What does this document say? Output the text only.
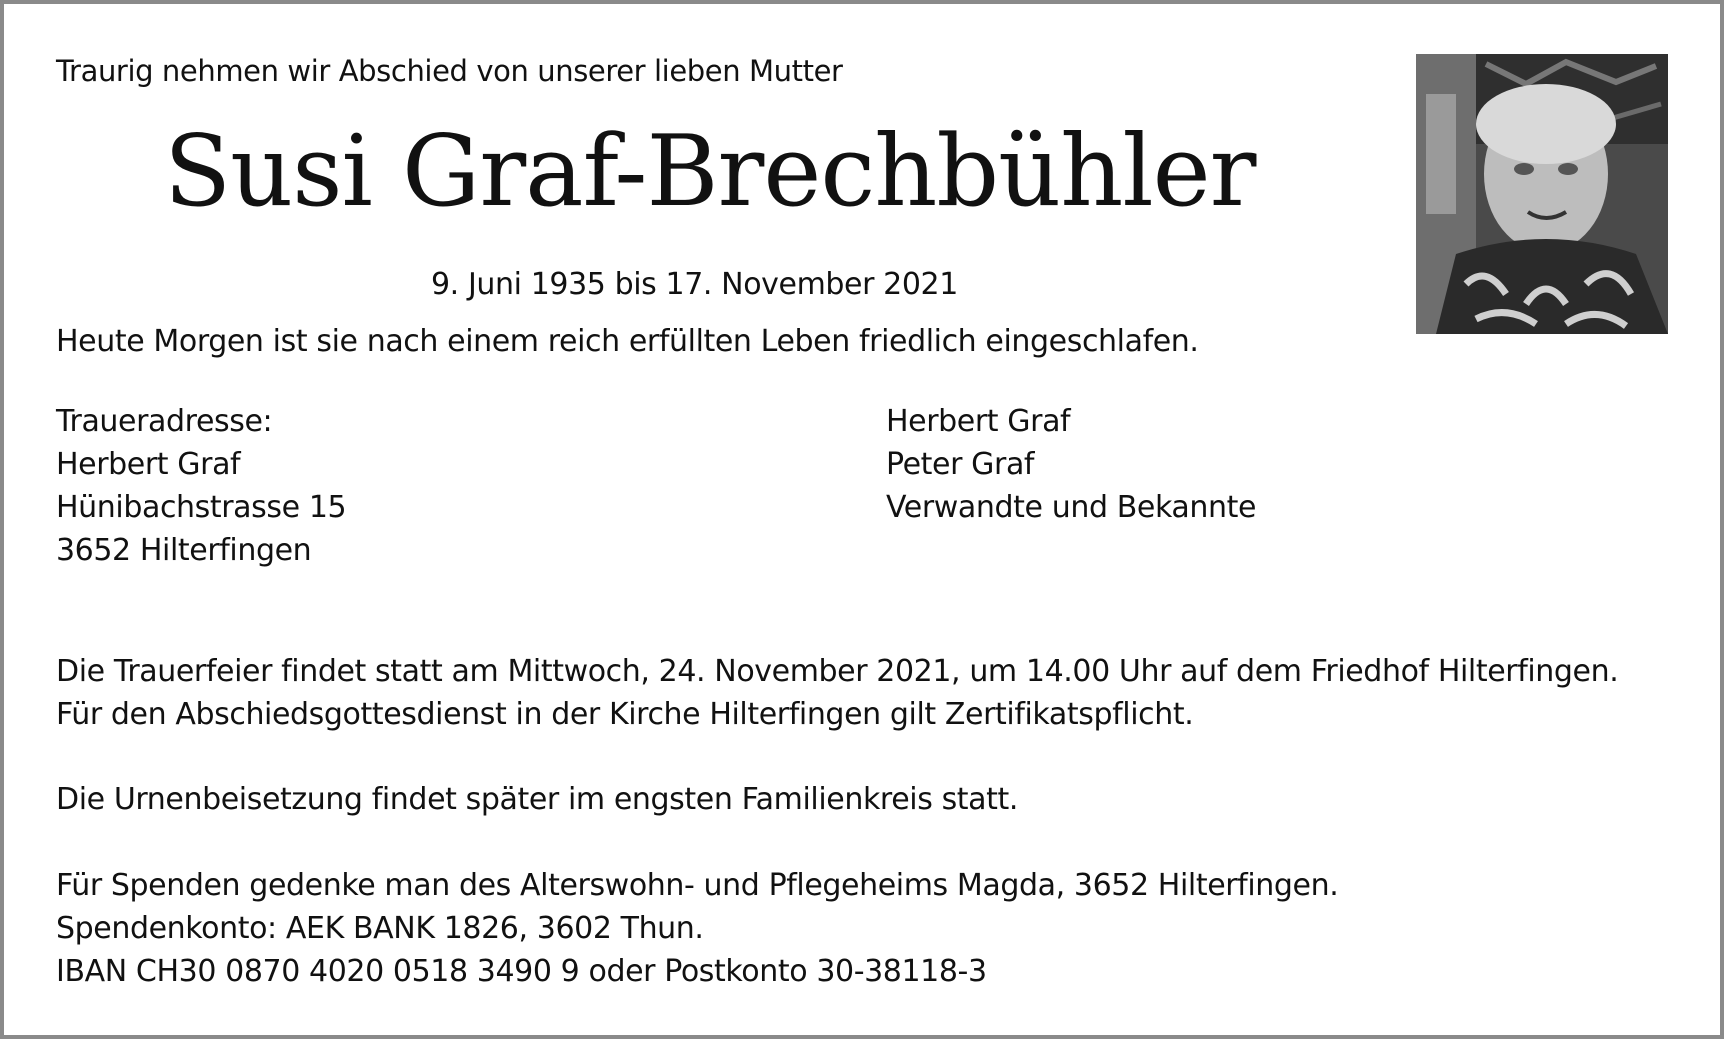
Traurig nehmen wir Abschied von unserer lieben Mutter
Susi Graf-Brechbühler
9. Juni 1935 bis 17. November 2021
Heute Morgen ist sie nach einem reich erfüllten Leben friedlich eingeschlafen.
Traueradresse:
Herbert Graf
Hünibachstrasse 15
3652 Hilterfingen
Herbert Graf
Peter Graf
Verwandte und Bekannte
Die Trauerfeier findet statt am Mittwoch, 24. November 2021, um 14.00 Uhr auf dem Friedhof Hilterfingen.
Für den Abschiedsgottesdienst in der Kirche Hilterfingen gilt Zertifikatspflicht.
Die Urnenbeisetzung findet später im engsten Familienkreis statt.
Für Spenden gedenke man des Alterswohn- und Pflegeheims Magda, 3652 Hilterfingen.
Spendenkonto: AEK BANK 1826, 3602 Thun.
IBAN CH30 0870 4020 0518 3490 9 oder Postkonto 30-38118-3
